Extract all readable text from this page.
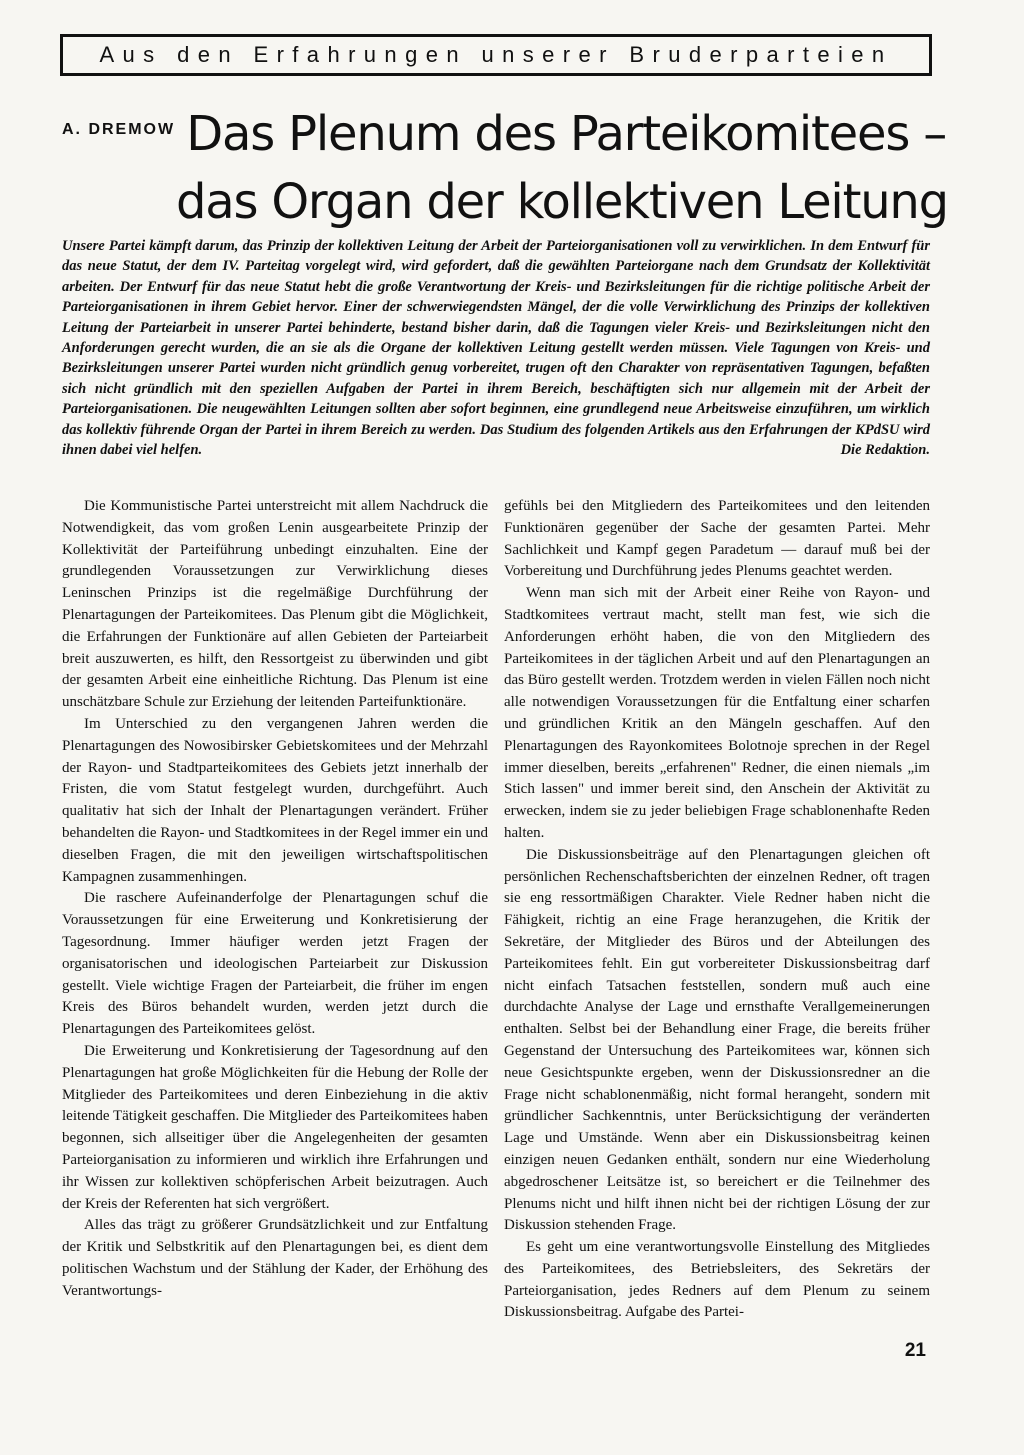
Aus den Erfahrungen unserer Bruderparteien
A. DREMOW Das Plenum des Parteikomitees –
das Organ der kollektiven Leitung
Unsere Partei kämpft darum, das Prinzip der kollektiven Leitung der Arbeit der Parteiorganisationen voll zu verwirklichen. In dem Entwurf für das neue Statut, der dem IV. Parteitag vorgelegt wird, wird gefordert, daß die gewählten Parteiorgane nach dem Grundsatz der Kollektivität arbeiten. Der Entwurf für das neue Statut hebt die große Verantwortung der Kreis- und Bezirksleitungen für die richtige politische Arbeit der Parteiorganisationen in ihrem Gebiet hervor. Einer der schwerwiegendsten Mängel, der die volle Verwirklichung des Prinzips der kollektiven Leitung der Parteiarbeit in unserer Partei behinderte, bestand bisher darin, daß die Tagungen vieler Kreis- und Bezirksleitungen nicht den Anforderungen gerecht wurden, die an sie als die Organe der kollektiven Leitung gestellt werden müssen. Viele Tagungen von Kreis- und Bezirksleitungen unserer Partei wurden nicht gründlich genug vorbereitet, trugen oft den Charakter von repräsentativen Tagungen, befaßten sich nicht gründlich mit den speziellen Aufgaben der Partei in ihrem Bereich, beschäftigten sich nur allgemein mit der Arbeit der Parteiorganisationen. Die neugewählten Leitungen sollten aber sofort beginnen, eine grundlegend neue Arbeitsweise einzuführen, um wirklich das kollektiv führende Organ der Partei in ihrem Bereich zu werden. Das Studium des folgenden Artikels aus den Erfahrungen der KPdSU wird ihnen dabei viel helfen.	Die Redaktion.

Die Kommunistische Partei unterstreicht mit allem Nachdruck die Notwendigkeit, das vom großen Lenin ausgearbeitete Prinzip der Kollektivität der Parteiführung unbedingt einzuhalten. Eine der grundlegenden Voraussetzungen zur Verwirklichung dieses Leninschen Prinzips ist die regelmäßige Durchführung der Plenartagungen der Parteikomitees. Das Plenum gibt die Möglichkeit, die Erfahrungen der Funktionäre auf allen Gebieten der Parteiarbeit breit auszuwerten, es hilft, den Ressortgeist zu überwinden und gibt der gesamten Arbeit eine einheitliche Richtung. Das Plenum ist eine unschätzbare Schule zur Erziehung der leitenden Parteifunktionäre.

Im Unterschied zu den vergangenen Jahren werden die Plenartagungen des Nowosibirsker Gebietskomitees und der Mehrzahl der Rayon- und Stadtparteikomitees des Gebiets jetzt innerhalb der Fristen, die vom Statut festgelegt wurden, durchgeführt. Auch qualitativ hat sich der Inhalt der Plenartagungen verändert. Früher behandelten die Rayon- und Stadtkomitees in der Regel immer ein und dieselben Fragen, die mit den jeweiligen wirtschaftspolitischen Kampagnen zusammenhingen.

Die raschere Aufeinanderfolge der Plenartagungen schuf die Voraussetzungen für eine Erweiterung und Konkretisierung der Tagesordnung. Immer häufiger werden jetzt Fragen der organisatorischen und ideologischen Parteiarbeit zur Diskussion gestellt. Viele wichtige Fragen der Parteiarbeit, die früher im engen Kreis des Büros behandelt wurden, werden jetzt durch die Plenartagungen des Parteikomitees gelöst.

Die Erweiterung und Konkretisierung der Tagesordnung auf den Plenartagungen hat große Möglichkeiten für die Hebung der Rolle der Mitglieder des Parteikomitees und deren Einbeziehung in die aktiv leitende Tätigkeit geschaffen. Die Mitglieder des Parteikomitees haben begonnen, sich allseitiger über die Angelegenheiten der gesamten Parteiorganisation zu informieren und wirklich ihre Erfahrungen und ihr Wissen zur kollektiven schöpferischen Arbeit beizutragen. Auch der Kreis der Referenten hat sich vergrößert.

Alles das trägt zu größerer Grundsätzlichkeit und zur Entfaltung der Kritik und Selbstkritik auf den Plenartagungen bei, es dient dem politischen Wachstum und der Stählung der Kader, der Erhöhung des Verantwortungs-

gefühls bei den Mitgliedern des Parteikomitees und den leitenden Funktionären gegenüber der Sache der gesamten Partei. Mehr Sachlichkeit und Kampf gegen Paradetum — darauf muß bei der Vorbereitung und Durchführung jedes Plenums geachtet werden.

Wenn man sich mit der Arbeit einer Reihe von Rayon- und Stadtkomitees vertraut macht, stellt man fest, wie sich die Anforderungen erhöht haben, die von den Mitgliedern des Parteikomitees in der täglichen Arbeit und auf den Plenartagungen an das Büro gestellt werden. Trotzdem werden in vielen Fällen noch nicht alle notwendigen Voraussetzungen für die Entfaltung einer scharfen und gründlichen Kritik an den Mängeln geschaffen. Auf den Plenartagungen des Rayonkomitees Bolotnoje sprechen in der Regel immer dieselben, bereits „erfahrenen" Redner, die einen niemals „im Stich lassen" und immer bereit sind, den Anschein der Aktivität zu erwecken, indem sie zu jeder beliebigen Frage schablonenhafte Reden halten.

Die Diskussionsbeiträge auf den Plenartagungen gleichen oft persönlichen Rechenschaftsberichten der einzelnen Redner, oft tragen sie eng ressortmäßigen Charakter. Viele Redner haben nicht die Fähigkeit, richtig an eine Frage heranzugehen, die Kritik der Sekretäre, der Mitglieder des Büros und der Abteilungen des Parteikomitees fehlt. Ein gut vorbereiteter Diskussionsbeitrag darf nicht einfach Tatsachen feststellen, sondern muß auch eine durchdachte Analyse der Lage und ernsthafte Verallgemeinerungen enthalten. Selbst bei der Behandlung einer Frage, die bereits früher Gegenstand der Untersuchung des Parteikomitees war, können sich neue Gesichtspunkte ergeben, wenn der Diskussionsredner an die Frage nicht schablonenmäßig, nicht formal herangeht, sondern mit gründlicher Sachkenntnis, unter Berücksichtigung der veränderten Lage und Umstände. Wenn aber ein Diskussionsbeitrag keinen einzigen neuen Gedanken enthält, sondern nur eine Wiederholung abgedroschener Leitsätze ist, so bereichert er die Teilnehmer des Plenums nicht und hilft ihnen nicht bei der richtigen Lösung der zur Diskussion stehenden Frage.

Es geht um eine verantwortungsvolle Einstellung des Mitgliedes des Parteikomitees, des Betriebsleiters, des Sekretärs der Parteiorganisation, jedes Redners auf dem Plenum zu seinem Diskussionsbeitrag. Aufgabe des Partei-

21
